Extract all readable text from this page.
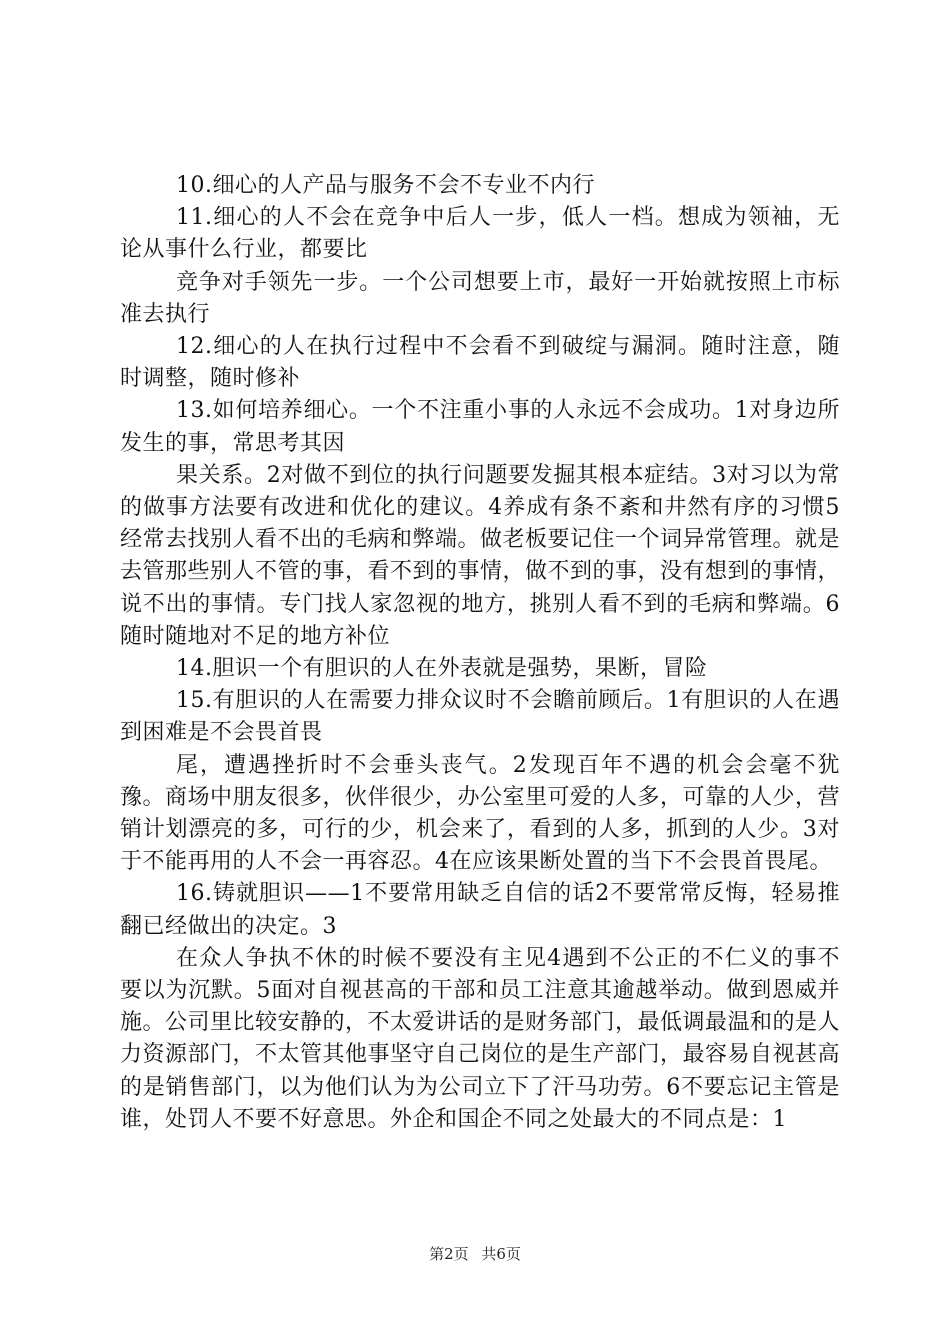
10.细心的人产品与服务不会不专业不内行

11.细心的人不会在竞争中后人一步，低人一档。想成为领袖，无论从事什么行业，都要比

竞争对手领先一步。一个公司想要上市，最好一开始就按照上市标准去执行

12.细心的人在执行过程中不会看不到破绽与漏洞。随时注意，随时调整，随时修补

13.如何培养细心。一个不注重小事的人永远不会成功。1对身边所发生的事，常思考其因

果关系。2对做不到位的执行问题要发掘其根本症结。3对习以为常的做事方法要有改进和优化的建议。4养成有条不紊和井然有序的习惯5经常去找别人看不出的毛病和弊端。做老板要记住一个词异常管理。就是去管那些别人不管的事，看不到的事情，做不到的事，没有想到的事情，说不出的事情。专门找人家忽视的地方，挑别人看不到的毛病和弊端。6随时随地对不足的地方补位

14.胆识一个有胆识的人在外表就是强势，果断，冒险

15.有胆识的人在需要力排众议时不会瞻前顾后。1有胆识的人在遇到困难是不会畏首畏

尾，遭遇挫折时不会垂头丧气。2发现百年不遇的机会会毫不犹豫。商场中朋友很多，伙伴很少，办公室里可爱的人多，可靠的人少，营销计划漂亮的多，可行的少，机会来了，看到的人多，抓到的人少。3对于不能再用的人不会一再容忍。4在应该果断处置的当下不会畏首畏尾。

16.铸就胆识——1不要常用缺乏自信的话2不要常常反悔，轻易推翻已经做出的决定。3

在众人争执不休的时候不要没有主见4遇到不公正的不仁义的事不要以为沉默。5面对自视甚高的干部和员工注意其逾越举动。做到恩威并施。公司里比较安静的，不太爱讲话的是财务部门，最低调最温和的是人力资源部门，不太管其他事坚守自己岗位的是生产部门，最容易自视甚高的是销售部门，以为他们认为为公司立下了汗马功劳。6不要忘记主管是谁，处罚人不要不好意思。外企和国企不同之处最大的不同点是：1

第2页 共6页
